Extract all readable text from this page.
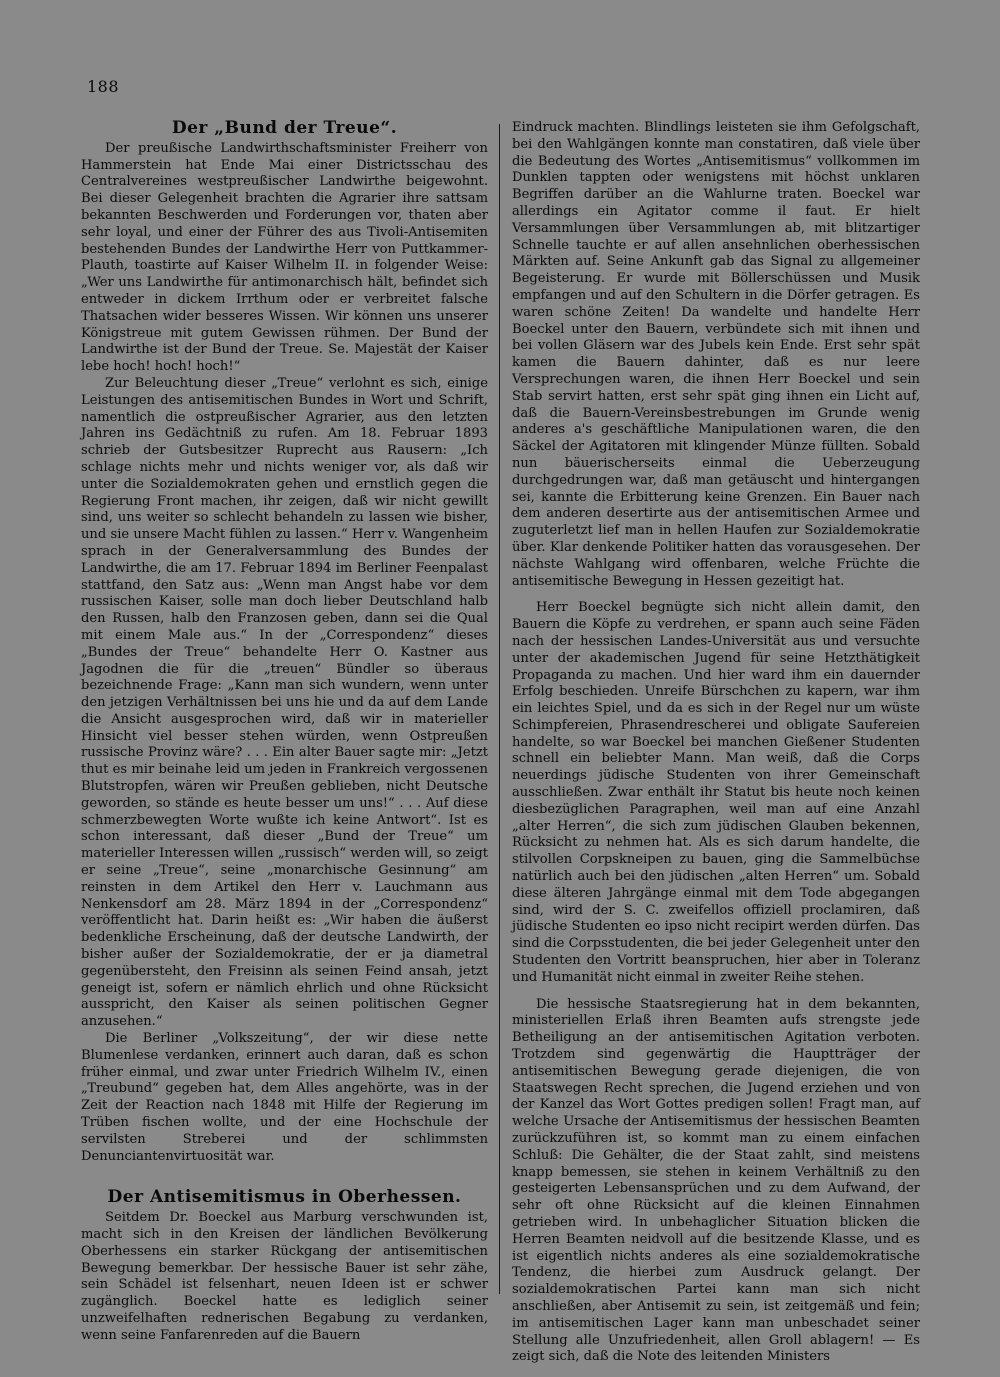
188
Der „Bund der Treue“.

Der preußische Landwirthschaftsminister Freiherr von Hammerstein hat Ende Mai einer Districtsschau des Centralvereines westpreußischer Landwirthe beigewohnt. Bei dieser Gelegenheit brachten die Agrarier ihre sattsam bekannten Beschwerden und Forderungen vor, thaten aber sehr loyal, und einer der Führer des aus Tivoli-Antisemiten bestehenden Bundes der Landwirthe Herr von Puttkammer-Plauth, toastirte auf Kaiser Wilhelm II. in folgender Weise: „Wer uns Landwirthe für antimonarchisch hält, befindet sich entweder in dickem Irrthum oder er verbreitet falsche Thatsachen wider besseres Wissen. Wir können uns unserer Königstreue mit gutem Gewissen rühmen. Der Bund der Landwirthe ist der Bund der Treue. Se. Majestät der Kaiser lebe hoch! hoch! hoch!“

Zur Beleuchtung dieser „Treue“ verlohnt es sich, einige Leistungen des antisemitischen Bundes in Wort und Schrift, namentlich die ostpreußischer Agrarier, aus den letzten Jahren ins Gedächtniß zu rufen. Am 18. Februar 1893 schrieb der Gutsbesitzer Ruprecht aus Rausern: „Ich schlage nichts mehr und nichts weniger vor, als daß wir unter die Sozialdemokraten gehen und ernstlich gegen die Regierung Front machen, ihr zeigen, daß wir nicht gewillt sind, uns weiter so schlecht behandeln zu lassen wie bisher, und sie unsere Macht fühlen zu lassen.“ Herr v. Wangenheim sprach in der Generalversammlung des Bundes der Landwirthe, die am 17. Februar 1894 im Berliner Feenpalast stattfand, den Satz aus: „Wenn man Angst habe vor dem russischen Kaiser, solle man doch lieber Deutschland halb den Russen, halb den Franzosen geben, dann sei die Qual mit einem Male aus.“ In der „Correspondenz“ dieses „Bundes der Treue“ behandelte Herr O. Kastner aus Jagodnen die für die „treuen“ Bündler so überaus bezeichnende Frage: „Kann man sich wundern, wenn unter den jetzigen Verhältnissen bei uns hie und da auf dem Lande die Ansicht ausgesprochen wird, daß wir in materieller Hinsicht viel besser stehen würden, wenn Ostpreußen russische Provinz wäre? . . . Ein alter Bauer sagte mir: „Jetzt thut es mir beinahe leid um jeden in Frankreich vergossenen Blutstropfen, wären wir Preußen geblieben, nicht Deutsche geworden, so stände es heute besser um uns!“ . . . Auf diese schmerzbewegten Worte wußte ich keine Antwort“. Ist es schon interessant, daß dieser „Bund der Treue“ um materieller Interessen willen „russisch“ werden will, so zeigt er seine „Treue“, seine „monarchische Gesinnung“ am reinsten in dem Artikel den Herr v. Lauchmann aus Nenkensdorf am 28. März 1894 in der „Correspondenz“ veröffentlicht hat. Darin heißt es: „Wir haben die äußerst bedenkliche Erscheinung, daß der deutsche Landwirth, der bisher außer der Sozialdemokratie, der er ja diametral gegenübersteht, den Freisinn als seinen Feind ansah, jetzt geneigt ist, sofern er nämlich ehrlich und ohne Rücksicht ausspricht, den Kaiser als seinen politischen Gegner anzusehen.“

Die Berliner „Volkszeitung“, der wir diese nette Blumenlese verdanken, erinnert auch daran, daß es schon früher einmal, und zwar unter Friedrich Wilhelm IV., einen „Treubund“ gegeben hat, dem Alles angehörte, was in der Zeit der Reaction nach 1848 mit Hilfe der Regierung im Trüben fischen wollte, und der eine Hochschule der servilsten Streberei und der schlimmsten Denunciantenvirtuosität war.

Der Antisemitismus in Oberhessen.

Seitdem Dr. Boeckel aus Marburg verschwunden ist, macht sich in den Kreisen der ländlichen Bevölkerung Oberhessens ein starker Rückgang der antisemitischen Bewegung bemerkbar. Der hessische Bauer ist sehr zähe, sein Schädel ist felsenhart, neuen Ideen ist er schwer zugänglich. Boeckel hatte es lediglich seiner unzweifelhaften rednerischen Begabung zu verdanken, wenn seine Fanfarenreden auf die Bauern

Eindruck machten. Blindlings leisteten sie ihm Gefolgschaft, bei den Wahlgängen konnte man constatiren, daß viele über die Bedeutung des Wortes „Antisemitismus“ vollkommen im Dunklen tappten oder wenigstens mit höchst unklaren Begriffen darüber an die Wahlurne traten. Boeckel war allerdings ein Agitator comme il faut. Er hielt Versammlungen über Versammlungen ab, mit blitzartiger Schnelle tauchte er auf allen ansehnlichen oberhessischen Märkten auf. Seine Ankunft gab das Signal zu allgemeiner Begeisterung. Er wurde mit Böllerschüssen und Musik empfangen und auf den Schultern in die Dörfer getragen. Es waren schöne Zeiten! Da wandelte und handelte Herr Boeckel unter den Bauern, verbündete sich mit ihnen und bei vollen Gläsern war des Jubels kein Ende. Erst sehr spät kamen die Bauern dahinter, daß es nur leere Versprechungen waren, die ihnen Herr Boeckel und sein Stab servirt hatten, erst sehr spät ging ihnen ein Licht auf, daß die Bauern-Vereinsbestrebungen im Grunde wenig anderes a's geschäftliche Manipulationen waren, die den Säckel der Agitatoren mit klingender Münze füllten. Sobald nun bäuerischerseits einmal die Ueberzeugung durchgedrungen war, daß man getäuscht und hintergangen sei, kannte die Erbitterung keine Grenzen. Ein Bauer nach dem anderen desertirte aus der antisemitischen Armee und zuguterletzt lief man in hellen Haufen zur Sozialdemokratie über. Klar denkende Politiker hatten das vorausgesehen. Der nächste Wahlgang wird offenbaren, welche Früchte die antisemitische Bewegung in Hessen gezeitigt hat.

Herr Boeckel begnügte sich nicht allein damit, den Bauern die Köpfe zu verdrehen, er spann auch seine Fäden nach der hessischen Landes-Universität aus und versuchte unter der akademischen Jugend für seine Hetzthätigkeit Propaganda zu machen. Und hier ward ihm ein dauernder Erfolg beschieden. Unreife Bürschchen zu kapern, war ihm ein leichtes Spiel, und da es sich in der Regel nur um wüste Schimpfereien, Phrasendrescherei und obligate Saufereien handelte, so war Boeckel bei manchen Gießener Studenten schnell ein beliebter Mann. Man weiß, daß die Corps neuerdings jüdische Studenten von ihrer Gemeinschaft ausschließen. Zwar enthält ihr Statut bis heute noch keinen diesbezüglichen Paragraphen, weil man auf eine Anzahl „alter Herren“, die sich zum jüdischen Glauben bekennen, Rücksicht zu nehmen hat. Als es sich darum handelte, die stilvollen Corpskneipen zu bauen, ging die Sammelbüchse natürlich auch bei den jüdischen „alten Herren“ um. Sobald diese älteren Jahrgänge einmal mit dem Tode abgegangen sind, wird der S. C. zweifellos offiziell proclamiren, daß jüdische Studenten eo ipso nicht recipirt werden dürfen. Das sind die Corpsstudenten, die bei jeder Gelegenheit unter den Studenten den Vortritt beanspruchen, hier aber in Toleranz und Humanität nicht einmal in zweiter Reihe stehen.

Die hessische Staatsregierung hat in dem bekannten, ministeriellen Erlaß ihren Beamten aufs strengste jede Betheiligung an der antisemitischen Agitation verboten. Trotzdem sind gegenwärtig die Hauptträger der antisemitischen Bewegung gerade diejenigen, die von Staatswegen Recht sprechen, die Jugend erziehen und von der Kanzel das Wort Gottes predigen sollen! Fragt man, auf welche Ursache der Antisemitismus der hessischen Beamten zurückzuführen ist, so kommt man zu einem einfachen Schluß: Die Gehälter, die der Staat zahlt, sind meistens knapp bemessen, sie stehen in keinem Verhältniß zu den gesteigerten Lebensansprüchen und zu dem Aufwand, der sehr oft ohne Rücksicht auf die kleinen Einnahmen getrieben wird. In unbehaglicher Situation blicken die Herren Beamten neidvoll auf die besitzende Klasse, und es ist eigentlich nichts anderes als eine sozialdemokratische Tendenz, die hierbei zum Ausdruck gelangt. Der sozialdemokratischen Partei kann man sich nicht anschließen, aber Antisemit zu sein, ist zeitgemäß und fein; im antisemitischen Lager kann man unbeschadet seiner Stellung alle Unzufriedenheit, allen Groll ablagern! — Es zeigt sich, daß die Note des leitenden Ministers
